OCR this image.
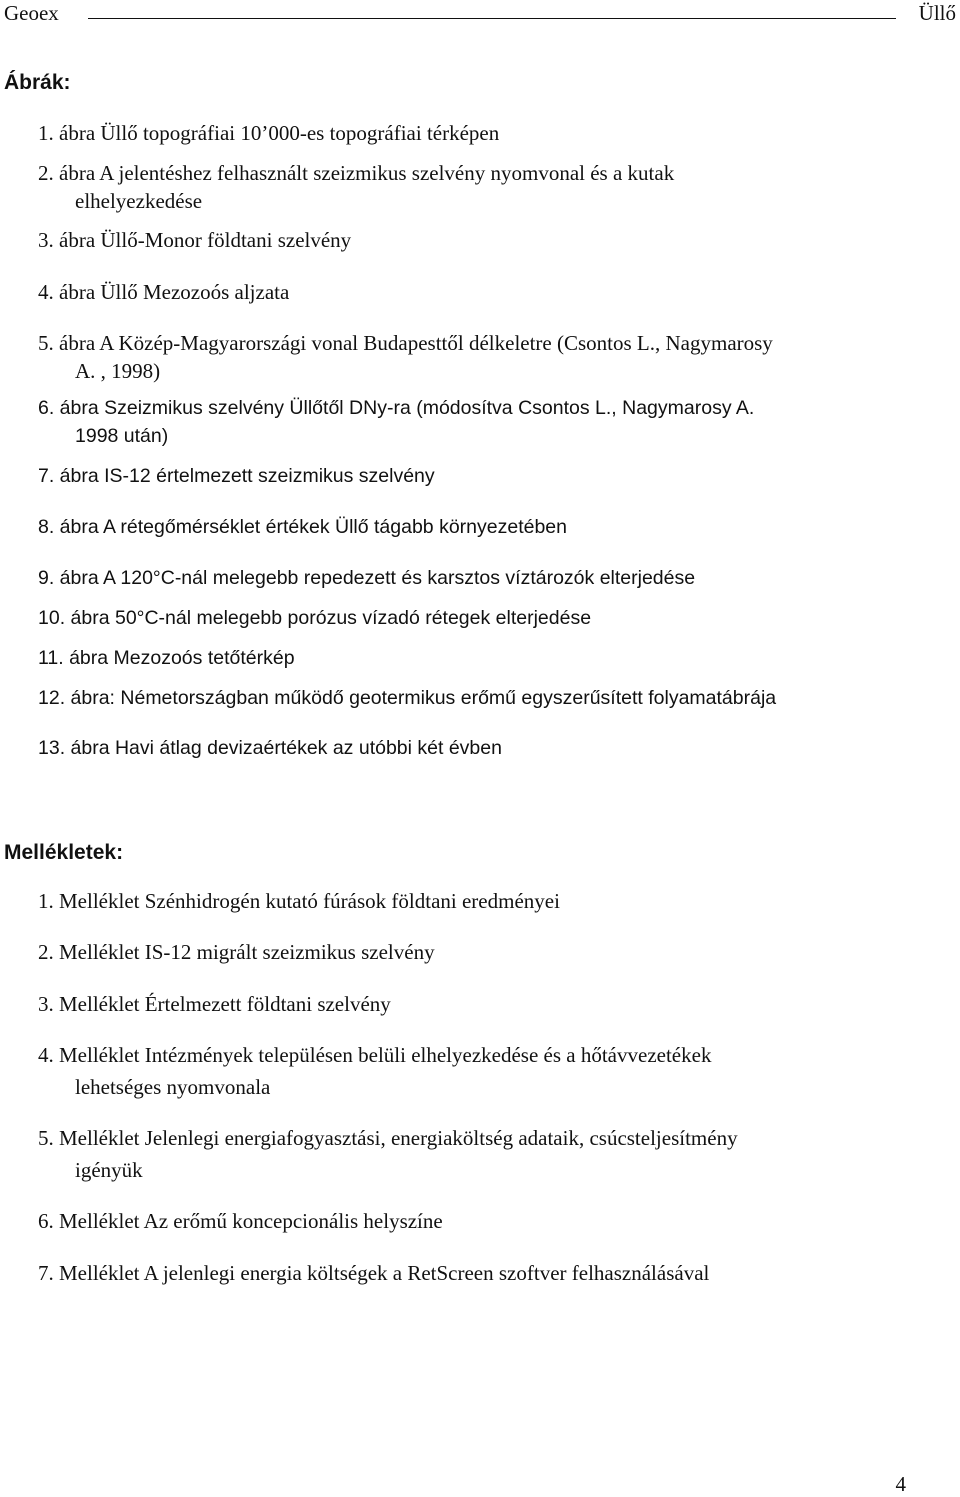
Geoex	Üllő
Ábrák:
1. ábra Üllő topográfiai 10’000-es topográfiai térképen
2. ábra A jelentéshez felhasznált szeizmikus szelvény nyomvonal és a kutak
elhelyezkedése
3. ábra Üllő-Monor földtani szelvény
4. ábra Üllő Mezozoós aljzata
5. ábra A Közép-Magyarországi vonal Budapesttől délkeletre (Csontos L., Nagymarosy
A. , 1998)
6. ábra Szeizmikus szelvény Üllőtől DNy-ra (módosítva Csontos L., Nagymarosy A.
1998 után)
7. ábra IS-12 értelmezett szeizmikus szelvény
8. ábra A rétegőmérséklet értékek Üllő tágabb környezetében
9. ábra A 120°C-nál melegebb repedezett és karsztos víztározók elterjedése
10. ábra 50°C-nál melegebb porózus vízadó rétegek elterjedése
11. ábra Mezozoós tetőtérkép
12. ábra: Németországban működő geotermikus erőmű egyszerűsített folyamatábrája
13. ábra Havi átlag devizaértékek az utóbbi két évben
Mellékletek:
1. Melléklet Szénhidrogén kutató fúrások földtani eredményei
2. Melléklet IS-12 migrált szeizmikus szelvény
3. Melléklet Értelmezett földtani szelvény
4. Melléklet Intézmények településen belüli elhelyezkedése és a hőtávvezetékek
lehetséges nyomvonala
5. Melléklet Jelenlegi energiafogyasztási, energiaköltség adataik, csúcsteljesítmény
igényük
6. Melléklet Az erőmű koncepcionális helyszíne
7. Melléklet A jelenlegi energia költségek a RetScreen szoftver felhasználásával
4
